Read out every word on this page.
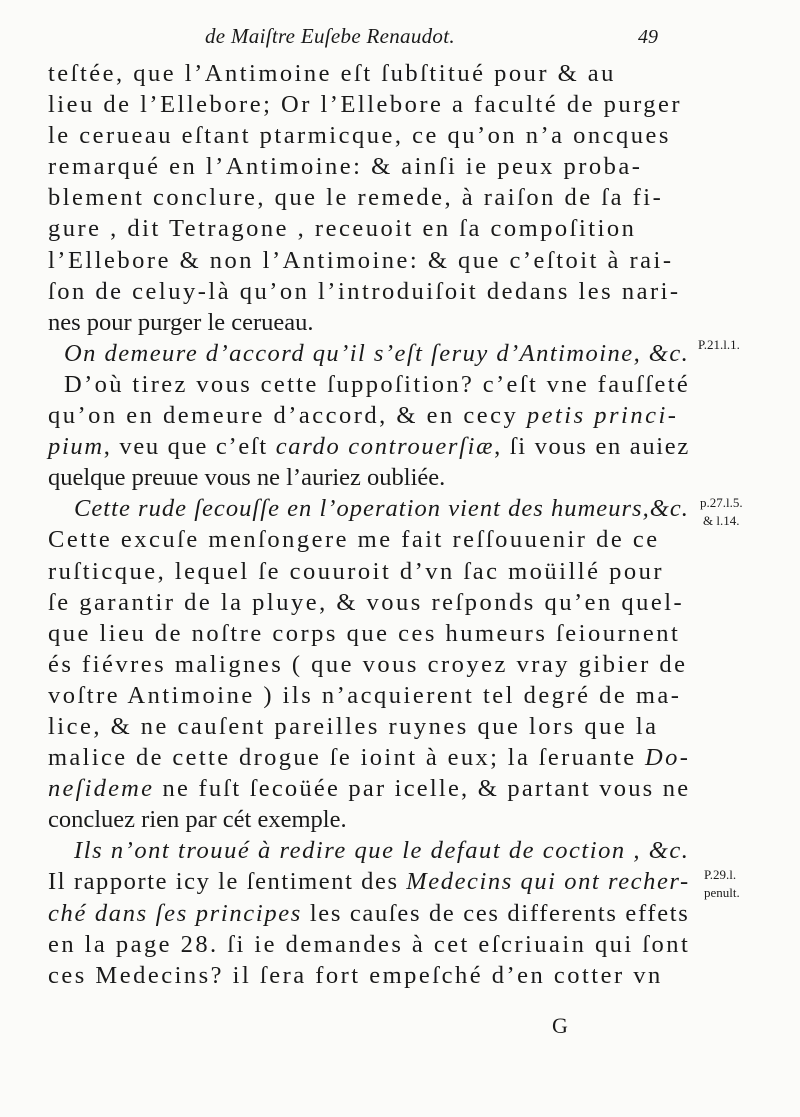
de Maiſtre Euſebe Renaudot.	49
teſtée, que l’Antimoine eſt ſubſtitué pour & au
lieu de l’Ellebore; Or l’Ellebore a faculté de purger
le cerueau eſtant ptarmicque, ce qu’on n’a oncques
remarqué en l’Antimoine: & ainſi ie peux proba-
blement conclure, que le remede, à raiſon de ſa fi-
gure , dit Tetragone , receuoit en ſa compoſition
l’Ellebore & non l’Antimoine: & que c’eſtoit à rai-
ſon de celuy-là qu’on l’introduiſoit dedans les nari-
nes pour purger le cerueau.
On demeure d’accord qu’il s’eſt ſeruy d’Antimoine, &c.
D’où tirez vous cette ſuppoſition? c’eſt vne fauſſeté
qu’on en demeure d’accord, & en cecy petis princi-
pium, veu que c’eſt cardo controuerſiæ, ſi vous en auiez
quelque preuue vous ne l’auriez oubliée.
Cette rude ſecouſſe en l’operation vient des humeurs,&c.
Cette excuſe menſongere me fait reſſouuenir de ce
ruſticque, lequel ſe couuroit d’vn ſac moüillé pour
ſe garantir de la pluye, & vous reſponds qu’en quel-
que lieu de noſtre corps que ces humeurs ſeiournent
és fiévres malignes ( que vous croyez vray gibier de
voſtre Antimoine ) ils n’acquierent tel degré de ma-
lice, & ne cauſent pareilles ruynes que lors que la
malice de cette drogue ſe ioint à eux; la ſeruante Do-
neſideme ne fuſt ſecoüée par icelle, & partant vous ne
concluez rien par cét exemple.
Ils n’ont trouué à redire que le defaut de coction , &c.
Il rapporte icy le ſentiment des Medecins qui ont recher-
ché dans ſes principes les cauſes de ces differents effets
en la page 28. ſi ie demandes à cet eſcriuain qui ſont
ces Medecins? il ſera fort empeſché d’en cotter vn
P.21.l.1.
p.27.l.5.
& l.14.
P.29.l.
penult.
G
